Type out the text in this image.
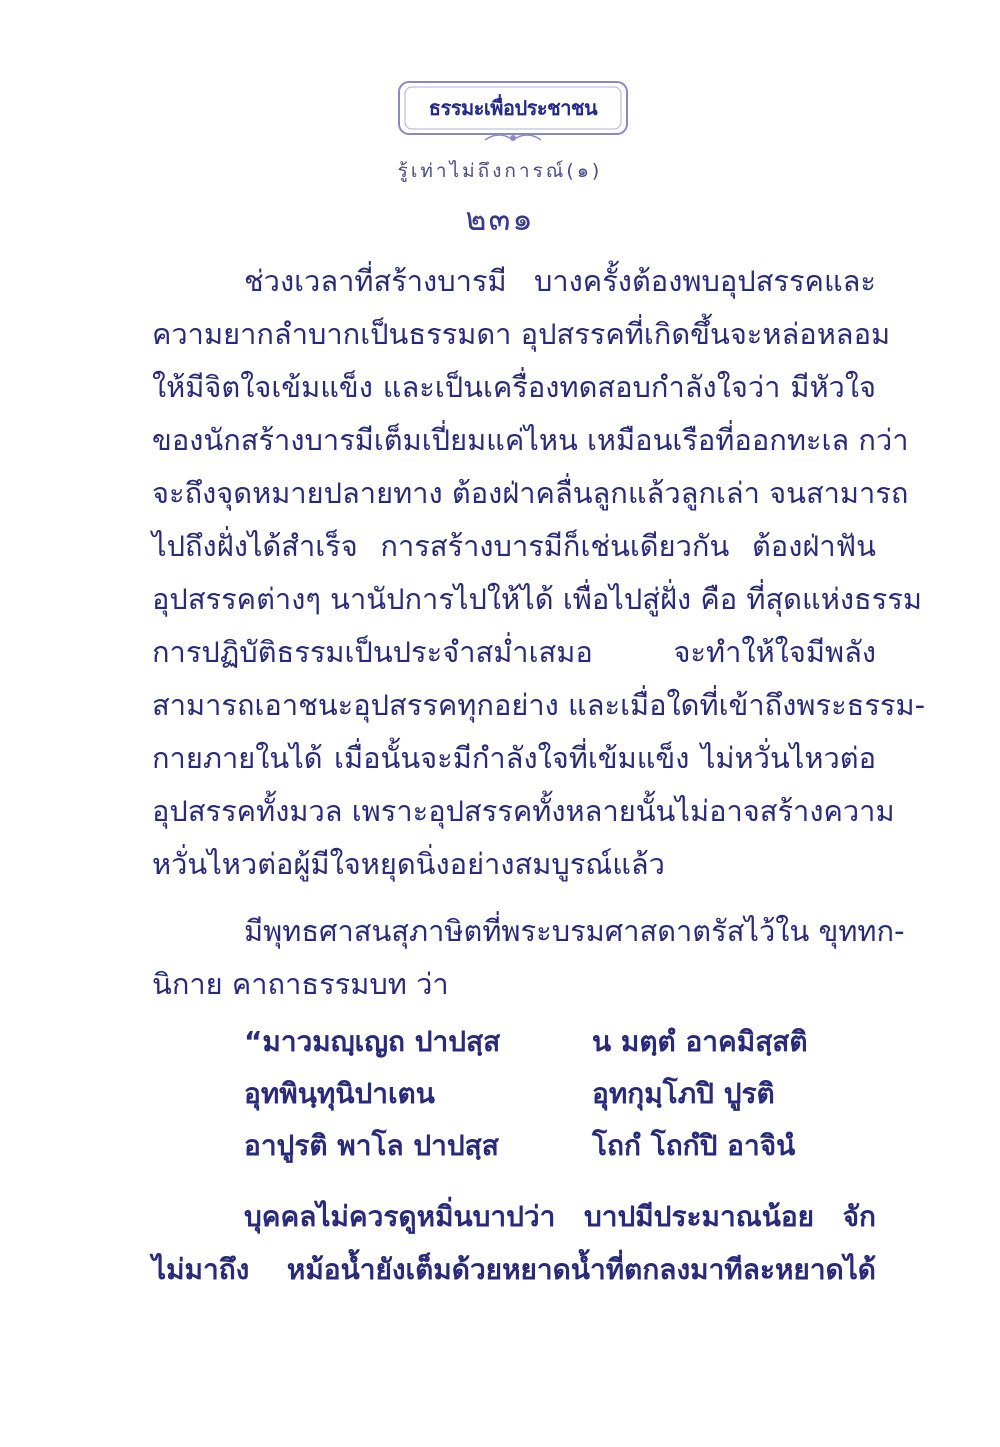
ธรรมะเพื่อประชาชน
รู้เท่าไม่ถึงการณ์(๑)
๒๓๑
ช่วงเวลาที่สร้างบารมี บางครั้งต้องพบอุปสรรคและ
ความยากลำบากเป็นธรรมดา อุปสรรคที่เกิดขึ้นจะหล่อหลอม
ให้มีจิตใจเข้มแข็ง และเป็นเครื่องทดสอบกำลังใจว่า มีหัวใจ
ของนักสร้างบารมีเต็มเปี่ยมแค่ไหน เหมือนเรือที่ออกทะเล กว่า
จะถึงจุดหมายปลายทาง ต้องฝ่าคลื่นลูกแล้วลูกเล่า จนสามารถ
ไปถึงฝั่งได้สำเร็จ การสร้างบารมีก็เช่นเดียวกัน ต้องฝ่าฟัน
อุปสรรคต่างๆ นานัปการไปให้ได้ เพื่อไปสู่ฝั่ง คือ ที่สุดแห่งธรรม
การปฏิบัติธรรมเป็นประจำสม่ำเสมอ จะทำให้ใจมีพลัง
สามารถเอาชนะอุปสรรคทุกอย่าง และเมื่อใดที่เข้าถึงพระธรรม-
กายภายในได้ เมื่อนั้นจะมีกำลังใจที่เข้มแข็ง ไม่หวั่นไหวต่อ
อุปสรรคทั้งมวล เพราะอุปสรรคทั้งหลายนั้นไม่อาจสร้างความ
หวั่นไหวต่อผู้มีใจหยุดนิ่งอย่างสมบูรณ์แล้ว
มีพุทธศาสนสุภาษิตที่พระบรมศาสดาตรัสไว้ใน ขุททก-
นิกาย คาถาธรรมบท ว่า
“มาวมญฺเญถ ปาปสฺส	น มตฺตํ อาคมิสฺสติ
อุทพินฺทุนิปาเตน	อุทกุมฺโภปิ ปูรติ
อาปูรติ พาโล ปาปสฺส	โถกํ โถกํปิ อาจินํ
บุคคลไม่ควรดูหมิ่นบาปว่า บาปมีประมาณน้อย จัก
ไม่มาถึง หม้อน้ำยังเต็มด้วยหยาดน้ำที่ตกลงมาทีละหยาดได้
